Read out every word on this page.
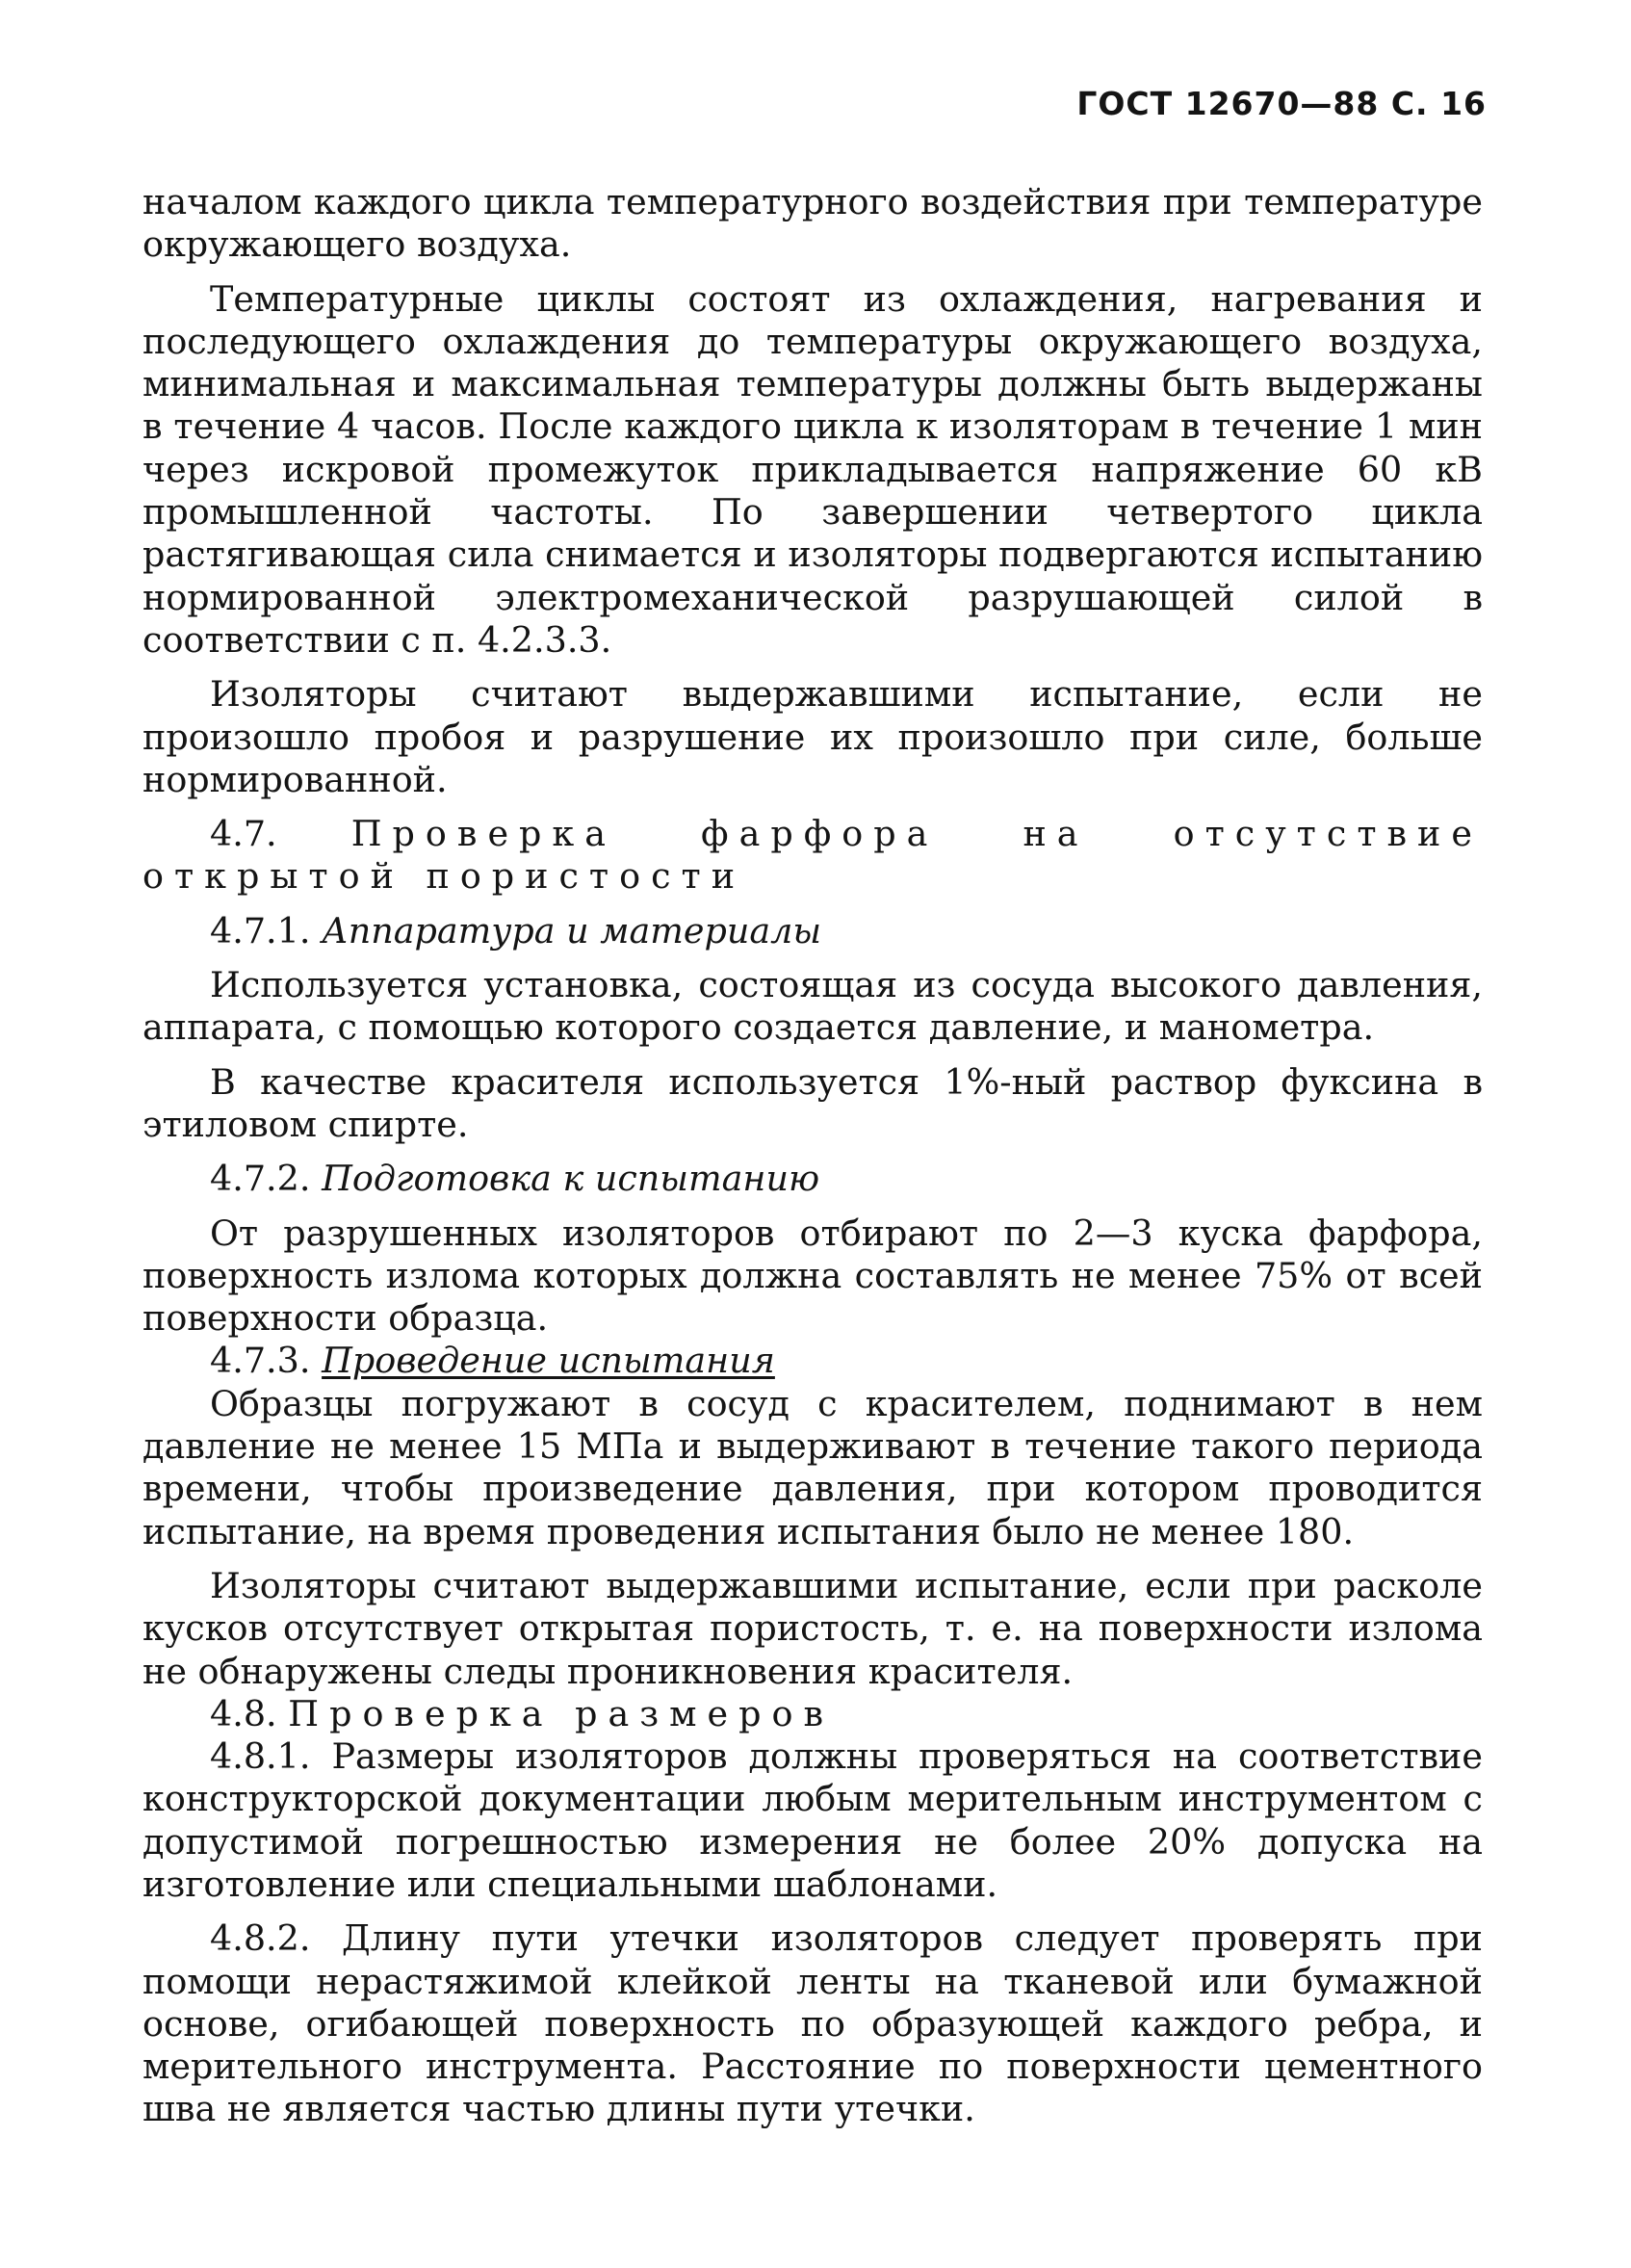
ГОСТ 12670—88 С. 16

началом каждого цикла температурного воздействия при температуре окружающего воздуха.

Температурные циклы состоят из охлаждения, нагревания и последующего охлаждения до температуры окружающего воздуха, минимальная и максимальная температуры должны быть выдержаны в течение 4 часов. После каждого цикла к изоляторам в течение 1 мин через искровой промежуток прикладывается напряжение 60 кВ промышленной частоты. По завершении четвертого цикла растягивающая сила снимается и изоляторы подвергаются испытанию нормированной электромеханической разрушающей силой в соответствии с п. 4.2.3.3.

Изоляторы считают выдержавшими испытание, если не произошло пробоя и разрушение их произошло при силе, больше нормированной.

4.7. Проверка фарфора на отсутствие открытой пористости

4.7.1. Аппаратура и материалы

Используется установка, состоящая из сосуда высокого давления, аппарата, с помощью которого создается давление, и манометра.

В качестве красителя используется 1%-ный раствор фуксина в этиловом спирте.

4.7.2. Подготовка к испытанию

От разрушенных изоляторов отбирают по 2—3 куска фарфора, поверхность излома которых должна составлять не менее 75% от всей поверхности образца.

4.7.3. Проведение испытания

Образцы погружают в сосуд с красителем, поднимают в нем давление не менее 15 МПа и выдерживают в течение такого периода времени, чтобы произведение давления, при котором проводится испытание, на время проведения испытания было не менее 180.

Изоляторы считают выдержавшими испытание, если при расколе кусков отсутствует открытая пористость, т. е. на поверхности излома не обнаружены следы проникновения красителя.

4.8. Проверка размеров

4.8.1. Размеры изоляторов должны проверяться на соответствие конструкторской документации любым мерительным инструментом с допустимой погрешностью измерения не более 20% допуска на изготовление или специальными шаблонами.

4.8.2. Длину пути утечки изоляторов следует проверять при помощи нерастяжимой клейкой ленты на тканевой или бумажной основе, огибающей поверхность по образующей каждого ребра, и мерительного инструмента. Расстояние по поверхности цементного шва не является частью длины пути утечки.
